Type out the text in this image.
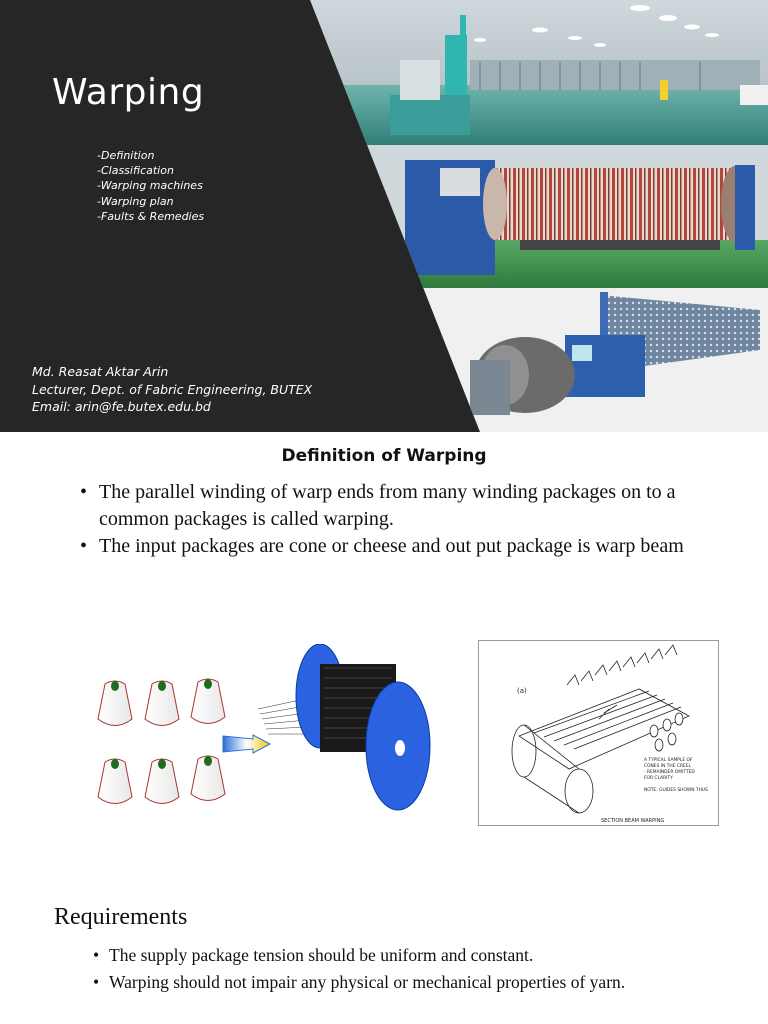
Warping
-Definition
-Classification
-Warping machines
-Warping plan
-Faults & Remedies
Md. Reasat Aktar Arin
Lecturer, Dept. of Fabric Engineering, BUTEX
Email: arin@fe.butex.edu.bd
Definition of Warping
• The parallel winding of warp ends from many winding packages on to a common packages is called warping.
• The input packages are cone or cheese and out put package is warp beam
(a)
A TYPICAL SAMPLE OF
CONES IN THE CREEL
- REMAINDER OMITTED
FOR CLARITY
NOTE: GUIDES SHOWN THUS
SECTION BEAM WARPING
Requirements
• The supply package tension should be uniform and constant.
• Warping should not impair any physical or mechanical properties of yarn.
